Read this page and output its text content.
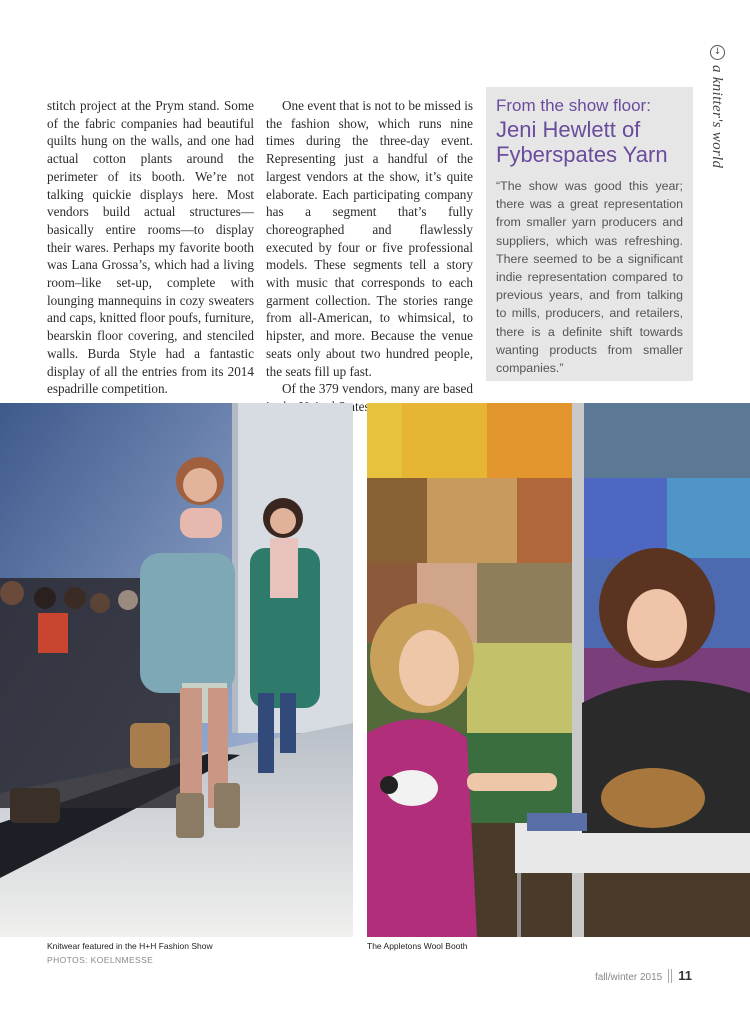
↓
a knitter's world

stitch project at the Prym stand. Some of the fabric companies had beautiful quilts hung on the walls, and one had actual cotton plants around the perimeter of its booth. We’re not talking quickie displays here. Most vendors build actual structures—basically entire rooms—to display their wares. Perhaps my favorite booth was Lana Grossa’s, which had a living room–like set-up, complete with lounging mannequins in cozy sweaters and caps, knitted floor poufs, furniture, bearskin floor covering, and stenciled walls. Burda Style had a fantastic display of all the entries from its 2014 espadrille competition.

One event that is not to be missed is the fashion show, which runs nine times during the three-day event. Representing just a handful of the largest vendors at the show, it’s quite elaborate. Each participating company has a segment that’s fully choreographed and flawlessly executed by four or five professional models. These segments tell a story with music that corresponds to each garment collection. The stories range from all-American, to whimsical, to hipster, and more. Because the venue seats only about two hundred people, the seats fill up fast.

Of the 379 vendors, many are based States

From the show floor:
Jeni Hewlett of Fyberspates Yarn
“The show was good this year; there was a great representation from smaller yarn producers and suppliers, which was refreshing. There seemed to be a significant indie representation compared to previous years, and from talking to mills, producers, and retailers, there is a definite shift towards wanting products from smaller companies.”
Knitwear featured in the H+H Fashion Show	The Appletons Wool Booth
PHOTOS: KOELNMESSE
fall/winter 2015 11
